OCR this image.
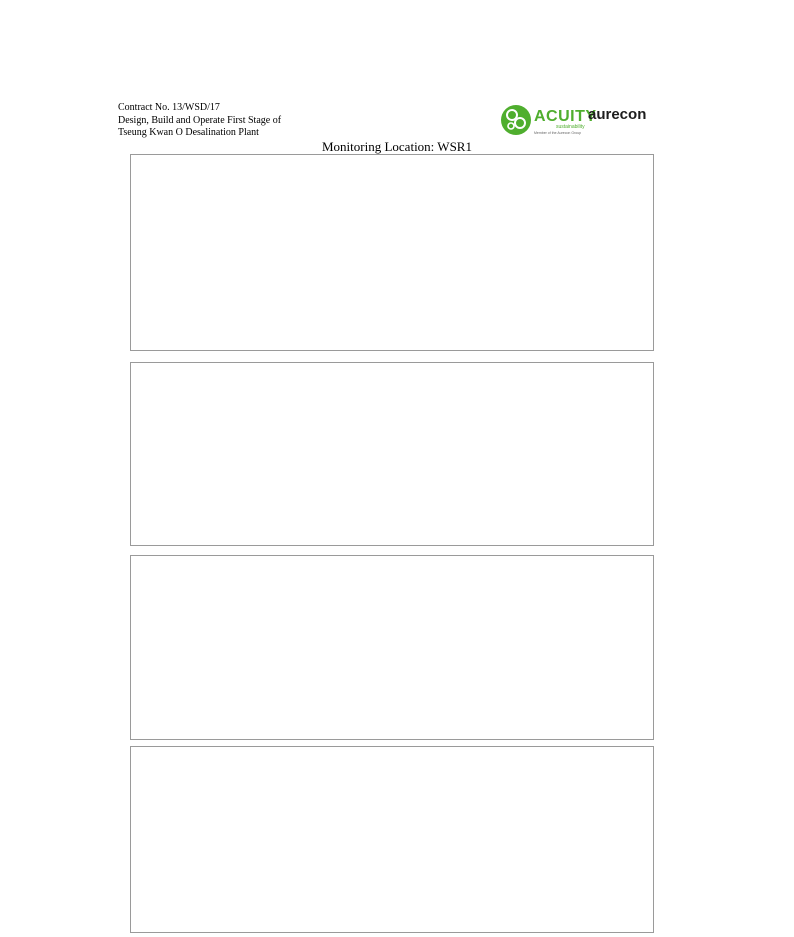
Contract No. 13/WSD/17
Design, Build and Operate First Stage of
Tseung Kwan O Desalination Plant
ACUITY
sustainability
Member of the Aurecon Group
aurecon
Monitoring Location: WSR1
